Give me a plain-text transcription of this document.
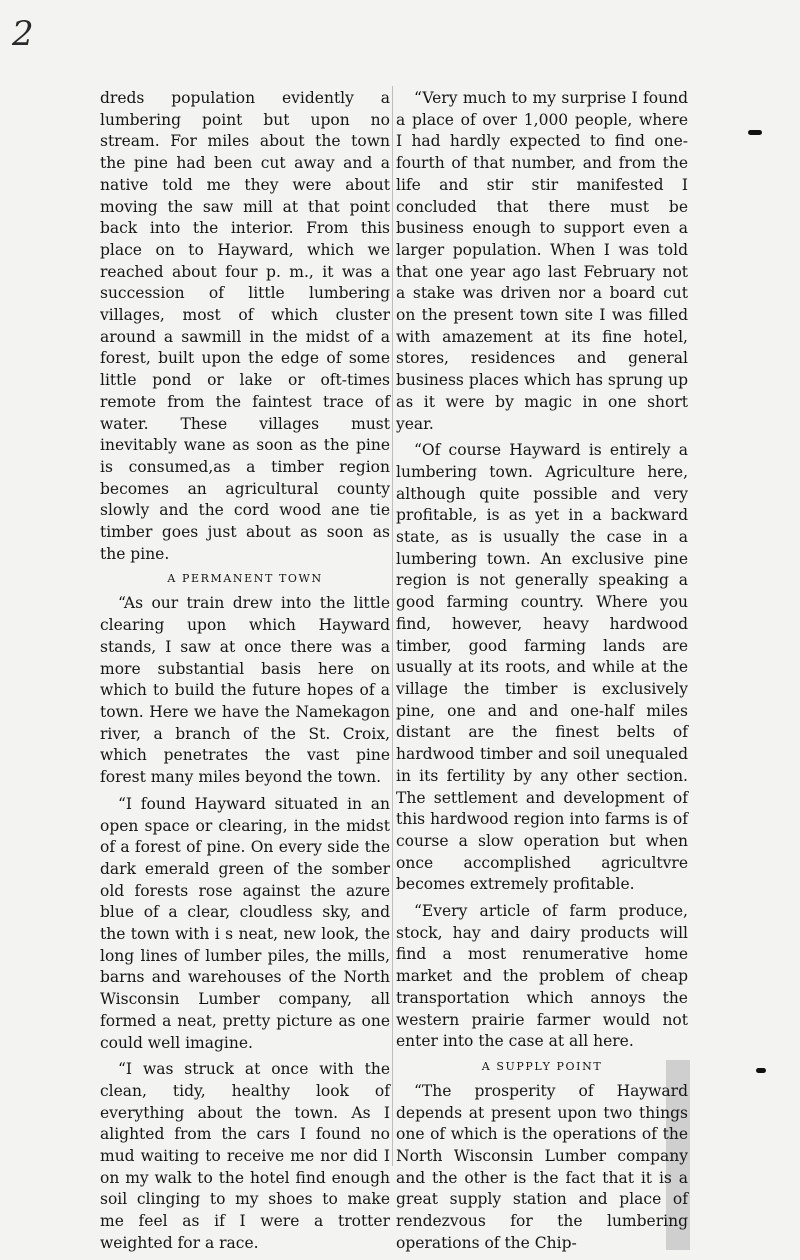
2

dreds population evidently a lumbering point but upon no stream. For miles about the town the pine had been cut away and a native told me they were about moving the saw mill at that point back into the interior. From this place on to Hayward, which we reached about four p. m., it was a succession of little lumbering villages, most of which cluster around a sawmill in the midst of a forest, built upon the edge of some little pond or lake or oft-times remote from the faintest trace of water. These villages must inevitably wane as soon as the pine is consumed,as a timber region becomes an agricultural county slowly and the cord wood ane tie timber goes just about as soon as the pine.

A PERMANENT TOWN

“As our train drew into the little clearing upon which Hayward stands, I saw at once there was a more substantial basis here on which to build the future hopes of a town. Here we have the Namekagon river, a branch of the St. Croix, which penetrates the vast pine forest many miles beyond the town.

“I found Hayward situated in an open space or clearing, in the midst of a forest of pine. On every side the dark emerald green of the somber old forests rose against the azure blue of a clear, cloudless sky, and the town with i s neat, new look, the long lines of lumber piles, the mills, barns and warehouses of the North Wisconsin Lumber company, all formed a neat, pretty picture as one could well imagine.

“I was struck at once with the clean, tidy, healthy look of everything about the town. As I alighted from the cars I found no mud waiting to receive me nor did I on my walk to the hotel find enough soil clinging to my shoes to make me feel as if I were a trotter weighted for a race.

“Very much to my surprise I found a place of over 1,000 people, where I had hardly expected to find one-fourth of that number, and from the life and stir stir manifested I concluded that there must be business enough to support even a larger population. When I was told that one year ago last February not a stake was driven nor a board cut on the present town site I was filled with amazement at its fine hotel, stores, residences and general business places which has sprung up as it were by magic in one short year.

“Of course Hayward is entirely a lumbering town. Agriculture here, although quite possible and very profitable, is as yet in a backward state, as is usually the case in a lumbering town. An exclusive pine region is not generally speaking a good farming country. Where you find, however, heavy hardwood timber, good farming lands are usually at its roots, and while at the village the timber is exclusively pine, one and and one-half miles distant are the finest belts of hardwood timber and soil unequaled in its fertility by any other section. The settlement and development of this hardwood region into farms is of course a slow operation but when once accomplished agricultvre becomes extremely profitable.

“Every article of farm produce, stock, hay and dairy products will find a most renumerative home market and the problem of cheap transportation which annoys the western prairie farmer would not enter into the case at all here.

A SUPPLY POINT

“The prosperity of Hayward depends at present upon two things one of which is the operations of the North Wisconsin Lumber company and the other is the fact that it is a great supply station and place of rendezvous for the lumbering operations of the Chip-
